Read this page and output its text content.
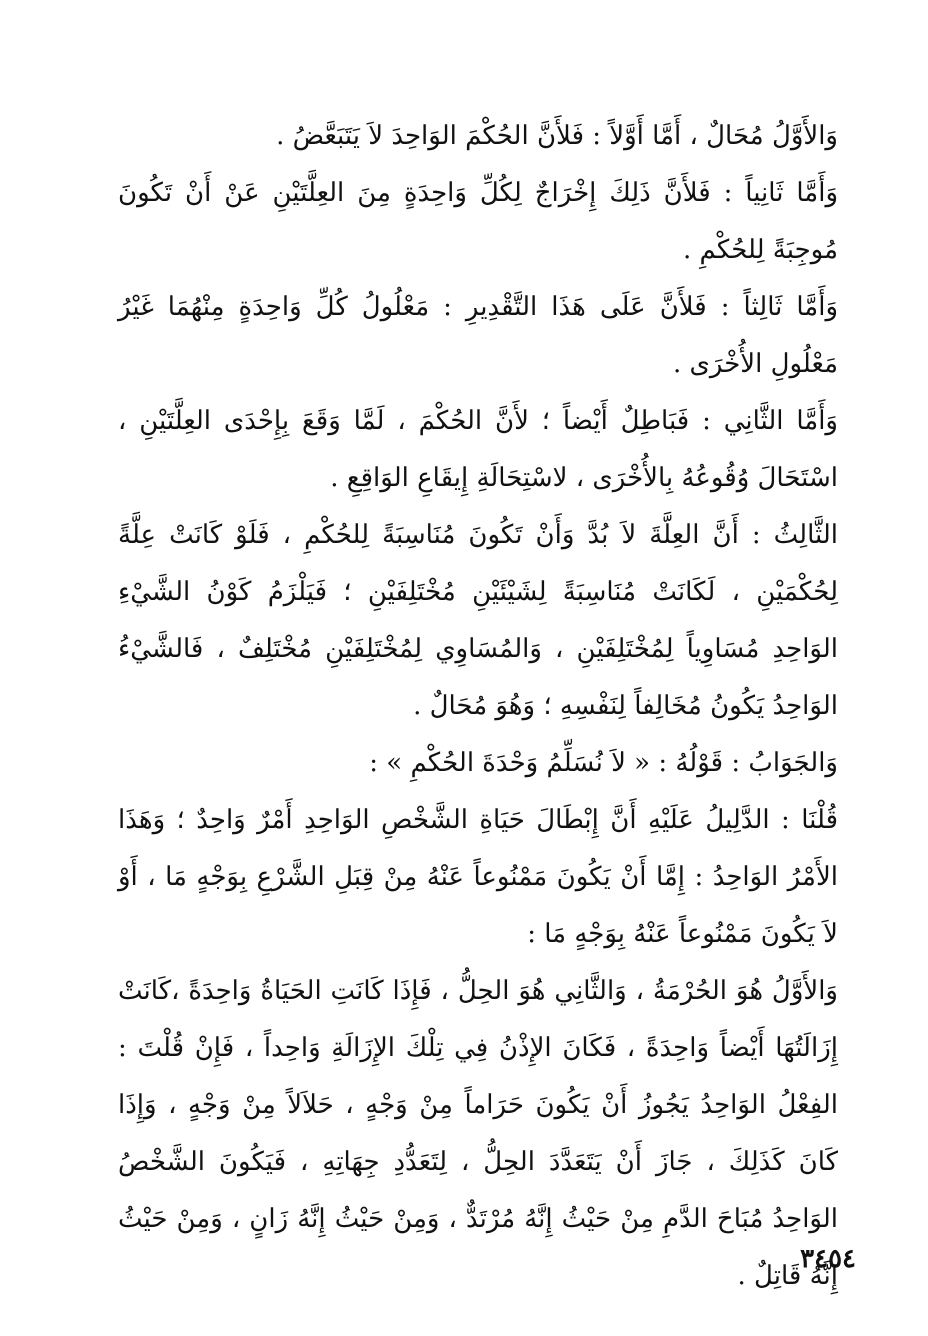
وَالأَوَّلُ مُحَالٌ ، أَمَّا أَوَّلاً : فَلأَنَّ الحُكْمَ الوَاحِدَ لاَ يَتَبَعَّضُ .

وَأَمَّا ثَانِياً : فَلأَنَّ ذَلِكَ إِخْرَاجٌ لِكُلِّ وَاحِدَةٍ مِنَ العِلَّتَيْنِ عَنْ أَنْ تَكُونَ مُوجِبَةً لِلحُكْمِ .

وَأَمَّا ثَالِثاً : فَلأَنَّ عَلَى هَذَا التَّقْدِيرِ : مَعْلُولُ كُلِّ وَاحِدَةٍ مِنْهُمَا غَيْرُ مَعْلُولِ الأُخْرَى .

وَأَمَّا الثَّانِي : فَبَاطِلٌ أَيْضاً ؛ لأَنَّ الحُكْمَ ، لَمَّا وَقَعَ بِإِحْدَى العِلَّتَيْنِ ، اسْتَحَالَ وُقُوعُهُ بِالأُخْرَى ، لاسْتِحَالَةِ إِيقَاعِ الوَاقِعِ .

الثَّالِثُ : أَنَّ العِلَّةَ لاَ بُدَّ وَأَنْ تَكُونَ مُنَاسِبَةً لِلحُكْمِ ، فَلَوْ كَانَتْ عِلَّةً لِحُكْمَيْنِ ، لَكَانَتْ مُنَاسِبَةً لِشَيْئَيْنِ مُخْتَلِفَيْنِ ؛ فَيَلْزَمُ كَوْنُ الشَّيْءِ الوَاحِدِ مُسَاوِياً لِمُخْتَلِفَيْنِ ، وَالمُسَاوِي لِمُخْتَلِفَيْنِ مُخْتَلِفٌ ، فَالشَّيْءُ الوَاحِدُ يَكُونُ مُخَالِفاً لِنَفْسِهِ ؛ وَهُوَ مُحَالٌ .

وَالجَوَابُ : قَوْلُهُ : « لاَ نُسَلِّمُ وَحْدَةَ الحُكْمِ » :

قُلْنَا : الدَّلِيلُ عَلَيْهِ أَنَّ إِبْطَالَ حَيَاةِ الشَّخْصِ الوَاحِدِ أَمْرٌ وَاحِدٌ ؛ وَهَذَا الأَمْرُ الوَاحِدُ : إِمَّا أَنْ يَكُونَ مَمْنُوعاً عَنْهُ مِنْ قِبَلِ الشَّرْعِ بِوَجْهٍ مَا ، أَوْ لاَ يَكُونَ مَمْنُوعاً عَنْهُ بِوَجْهٍ مَا :

وَالأَوَّلُ هُوَ الحُرْمَةُ ، وَالثَّانِي هُوَ الحِلُّ ، فَإِذَا كَانَتِ الحَيَاةُ وَاحِدَةً ،كَانَتْ إِزَالَتُهَا أَيْضاً وَاحِدَةً ، فَكَانَ الإِذْنُ فِي تِلْكَ الإِزَالَةِ وَاحِداً ، فَإِنْ قُلْتَ : الفِعْلُ الوَاحِدُ يَجُوزُ أَنْ يَكُونَ حَرَاماً مِنْ وَجْهٍ ، حَلاَلاً مِنْ وَجْهٍ ، وَإِذَا كَانَ كَذَلِكَ ، جَازَ أَنْ يَتَعَدَّدَ الحِلُّ ، لِتَعَدُّدِ جِهَاتِهِ ، فَيَكُونَ الشَّخْصُ الوَاحِدُ مُبَاحَ الدَّمِ مِنْ حَيْثُ إِنَّهُ مُرْتَدٌّ ، وَمِنْ حَيْثُ إِنَّهُ زَانٍ ، وَمِنْ حَيْثُ إِنَّهُ قَاتِلٌ .

٣٤٥٤
